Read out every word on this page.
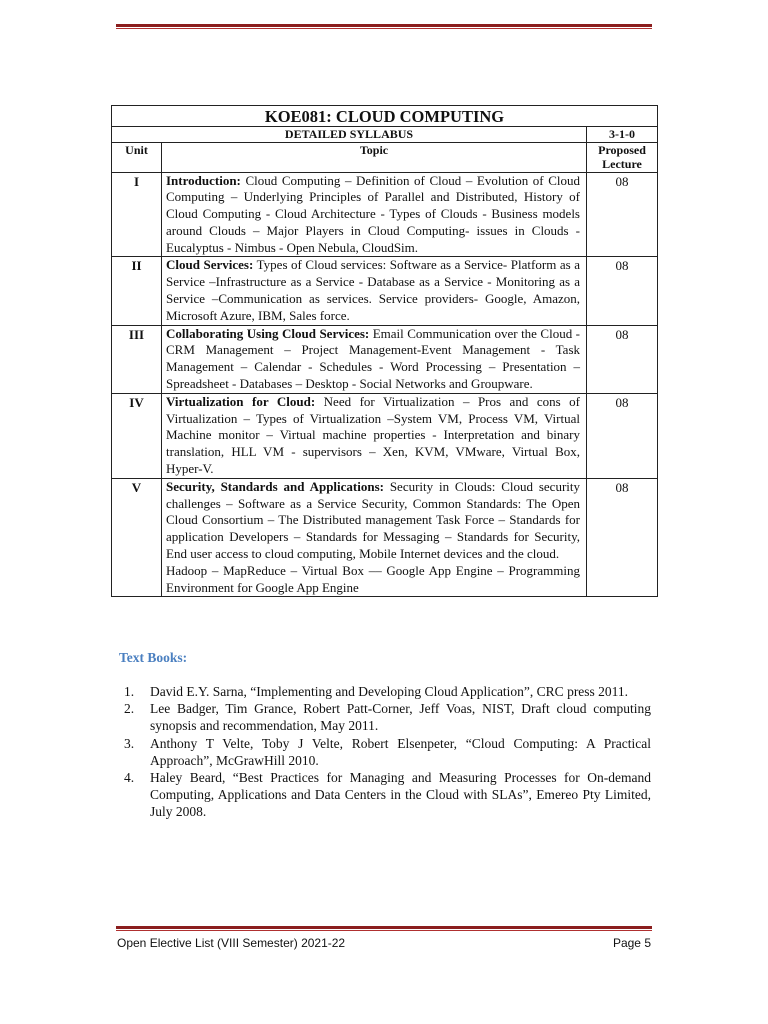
KOE081: CLOUD COMPUTING		
DETAILED SYLLABUS		3-1-0
Unit	Topic	Proposed Lecture
I	Introduction: Cloud Computing – Definition of Cloud – Evolution of Cloud Computing – Underlying Principles of Parallel and Distributed, History of Cloud Computing - Cloud Architecture - Types of Clouds - Business models around Clouds – Major Players in Cloud Computing- issues in Clouds - Eucalyptus - Nimbus - Open Nebula, CloudSim.	08
II	Cloud Services: Types of Cloud services: Software as a Service- Platform as a Service –Infrastructure as a Service - Database as a Service - Monitoring as a Service –Communication as services. Service providers- Google, Amazon, Microsoft Azure, IBM, Sales force.	08
III	Collaborating Using Cloud Services: Email Communication over the Cloud - CRM Management – Project Management-Event Management - Task Management – Calendar - Schedules - Word Processing – Presentation – Spreadsheet - Databases – Desktop - Social Networks and Groupware.	08
IV	Virtualization for Cloud: Need for Virtualization – Pros and cons of Virtualization – Types of Virtualization –System VM, Process VM, Virtual Machine monitor – Virtual machine properties - Interpretation and binary translation, HLL VM - supervisors – Xen, KVM, VMware, Virtual Box, Hyper-V.	08
V	Security, Standards and Applications: Security in Clouds: Cloud security challenges – Software as a Service Security, Common Standards: The Open Cloud Consortium – The Distributed management Task Force – Standards for application Developers – Standards for Messaging – Standards for Security, End user access to cloud computing, Mobile Internet devices and the cloud.
Hadoop – MapReduce – Virtual Box –– Google App Engine – Programming Environment for Google App Engine	08
Text Books:
1. David E.Y. Sarna, “Implementing and Developing Cloud Application”, CRC press 2011.
2. Lee Badger, Tim Grance, Robert Patt-Corner, Jeff Voas, NIST, Draft cloud computing synopsis and recommendation, May 2011.
3. Anthony T Velte, Toby J Velte, Robert Elsenpeter, “Cloud Computing: A Practical Approach”, McGrawHill 2010.
4. Haley Beard, “Best Practices for Managing and Measuring Processes for On-demand Computing, Applications and Data Centers in the Cloud with SLAs”, Emereo Pty Limited, July 2008.
Open Elective List (VIII Semester) 2021-22	Page 5
